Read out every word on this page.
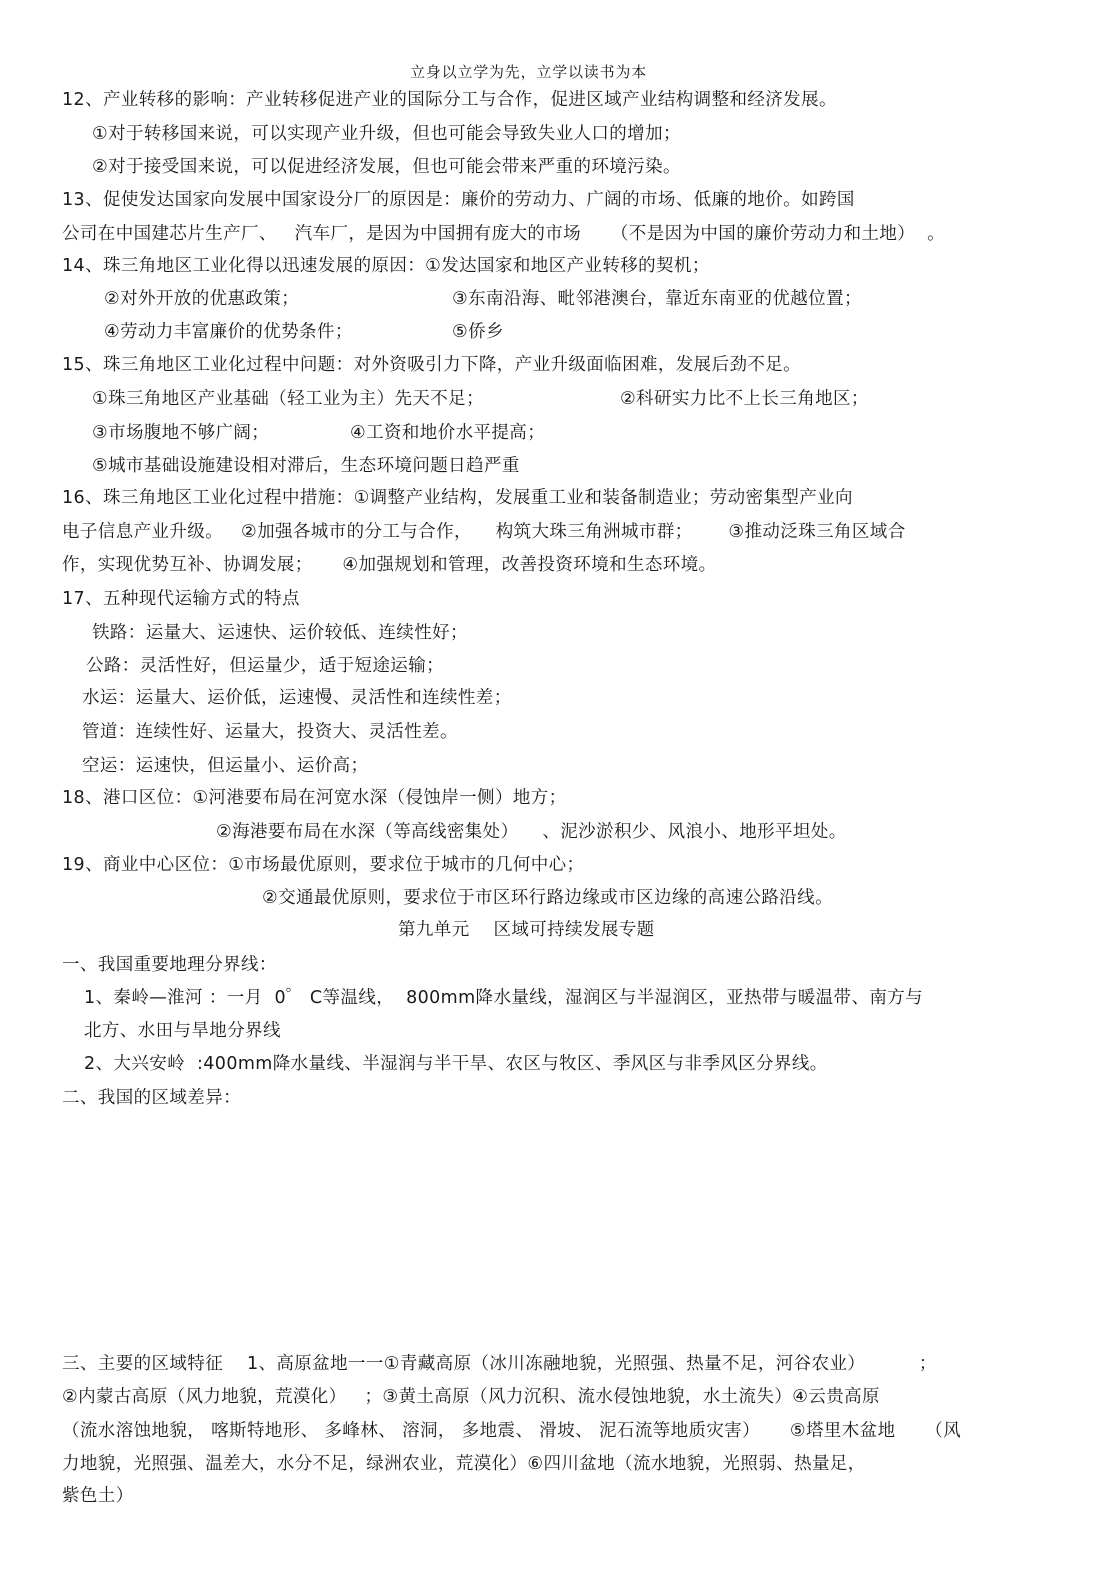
立身以立学为先，立学以读书为本
12、产业转移的影响：产业转移促进产业的国际分工与合作，促进区域产业结构调整和经济发展。
①对于转移国来说，可以实现产业升级，但也可能会导致失业人口的增加；
②对于接受国来说，可以促进经济发展，但也可能会带来严重的环境污染。
13、促使发达国家向发展中国家设分厂的原因是：廉价的劳动力、广阔的市场、低廉的地价。如跨国
公司在中国建芯片生产厂、   汽车厂，是因为中国拥有庞大的市场     （不是因为中国的廉价劳动力和土地）  。
14、珠三角地区工业化得以迅速发展的原因：①发达国家和地区产业转移的契机；
②对外开放的优惠政策；	③东南沿海、毗邻港澳台，靠近东南亚的优越位置；
④劳动力丰富廉价的优势条件；	⑤侨乡
15、珠三角地区工业化过程中问题：对外资吸引力下降，产业升级面临困难，发展后劲不足。
①珠三角地区产业基础（轻工业为主）先天不足；	②科研实力比不上长三角地区；
③市场腹地不够广阔；	④工资和地价水平提高；
⑤城市基础设施建设相对滞后，生态环境问题日趋严重
16、珠三角地区工业化过程中措施：①调整产业结构，发展重工业和装备制造业；劳动密集型产业向
电子信息产业升级。   ②加强各城市的分工与合作，    构筑大珠三角洲城市群；      ③推动泛珠三角区域合
作，实现优势互补、协调发展；     ④加强规划和管理，改善投资环境和生态环境。
17、五种现代运输方式的特点
铁路：运量大、运速快、运价较低、连续性好；
公路：灵活性好，但运量少，适于短途运输；
水运：运量大、运价低，运速慢、灵活性和连续性差；
管道：连续性好、运量大，投资大、灵活性差。
空运：运速快，但运量小、运价高；
18、港口区位：①河港要布局在河宽水深（侵蚀岸一侧）地方；
②海港要布局在水深（等高线密集处）    、泥沙淤积少、风浪小、地形平坦处。
19、商业中心区位：①市场最优原则，要求位于城市的几何中心；
②交通最优原则，要求位于市区环行路边缘或市区边缘的高速公路沿线。
第九单元    区域可持续发展专题
一、我国重要地理分界线：
1、秦岭—淮河 ：一月  0゜ C等温线，  800mm降水量线，湿润区与半湿润区，亚热带与暖温带、南方与
北方、水田与旱地分界线
2、大兴安岭  :400mm降水量线、半湿润与半干旱、农区与牧区、季风区与非季风区分界线。
二、我国的区域差异：
三、主要的区域特征    1、高原盆地一一①青藏高原（冰川冻融地貌，光照强、热量不足，河谷农业）         ；
②内蒙古高原（风力地貌，荒漠化）   ；③黄土高原（风力沉积、流水侵蚀地貌，水土流失）④云贵高原
（流水溶蚀地貌， 喀斯特地形、 多峰林、 溶洞， 多地震、 滑坡、 泥石流等地质灾害）     ⑤塔里木盆地     （风
力地貌，光照强、温差大，水分不足，绿洲农业，荒漠化）⑥四川盆地（流水地貌，光照弱、热量足，
紫色土）
